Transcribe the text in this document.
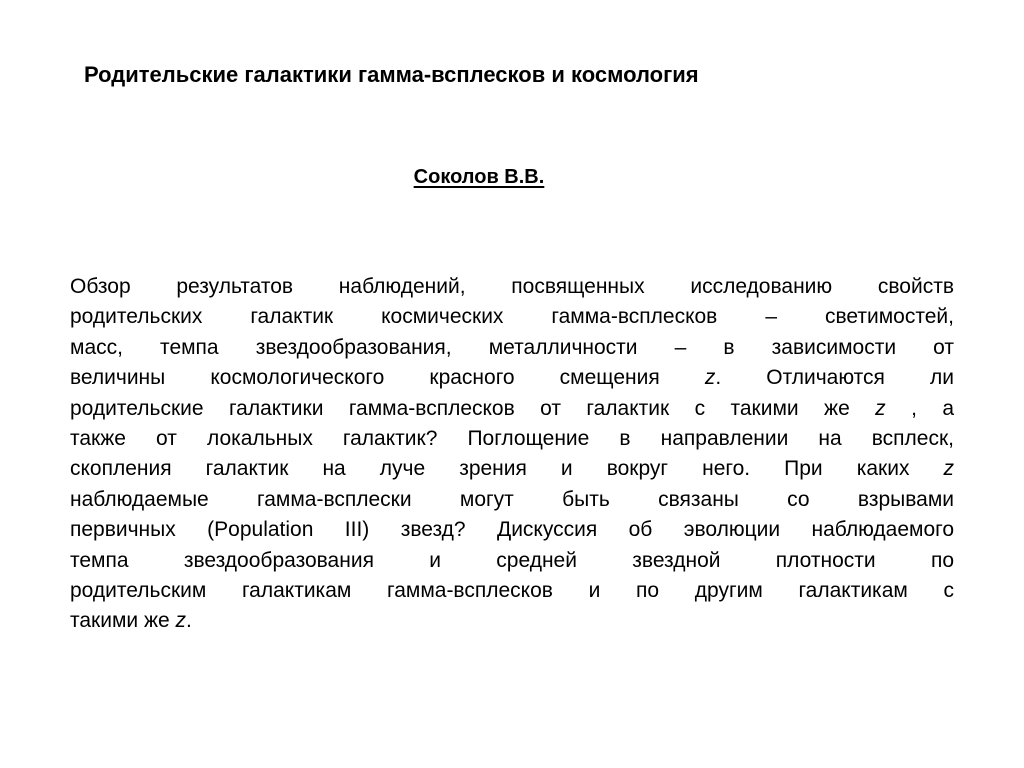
Родительские галактики гамма-всплесков и космология
Соколов В.В.
Обзор результатов наблюдений, посвященных исследованию свойств
родительских галактик космических гамма-всплесков – светимостей,
масс, темпа звездообразования, металличности – в зависимости от
величины космологического красного смещения z. Отличаются ли
родительские галактики гамма-всплесков от галактик с такими же z , а
также от локальных галактик? Поглощение в направлении на всплеск,
скопления галактик на луче зрения и вокруг него. При каких z
наблюдаемые гамма-всплески могут быть связаны со взрывами
первичных (Population III) звезд? Дискуссия об эволюции наблюдаемого
темпа звездообразования и средней звездной плотности по
родительским галактикам гамма-всплесков и по другим галактикам с
такими же z.
